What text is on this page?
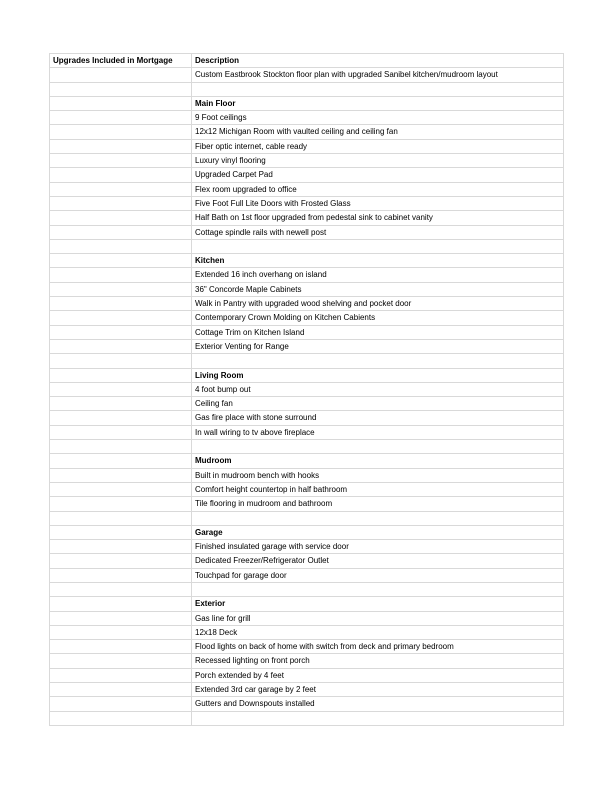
Upgrades Included in Mortgage	Description
	Custom Eastbrook Stockton floor plan with upgraded Sanibel kitchen/mudroom layout

	Main Floor
	9 Foot ceilings
	12x12 Michigan Room with vaulted ceiling and ceiling fan
	Fiber optic internet, cable ready
	Luxury vinyl flooring
	Upgraded Carpet Pad
	Flex room upgraded to office
	Five Foot Full Lite Doors with Frosted Glass
	Half Bath on 1st floor upgraded from pedestal sink to cabinet vanity
	Cottage spindle rails with newell post

	Kitchen
	Extended 16 inch overhang on island
	36" Concorde Maple Cabinets
	Walk in Pantry with upgraded wood shelving and pocket door
	Contemporary Crown Molding on Kitchen Cabients
	Cottage Trim on Kitchen Island
	Exterior Venting for Range

	Living Room
	4 foot bump out
	Ceiling fan
	Gas fire place with stone surround
	In wall wiring to tv above fireplace

	Mudroom
	Built in mudroom bench with hooks
	Comfort height countertop in half bathroom
	Tile flooring in mudroom and bathroom

	Garage
	Finished insulated garage with service door
	Dedicated Freezer/Refrigerator Outlet
	Touchpad for garage door

	Exterior
	Gas line for grill
	12x18 Deck
	Flood lights on back of home with switch from deck and primary bedroom
	Recessed lighting on front porch
	Porch extended by 4 feet
	Extended 3rd car garage by 2 feet
	Gutters and Downspouts installed
